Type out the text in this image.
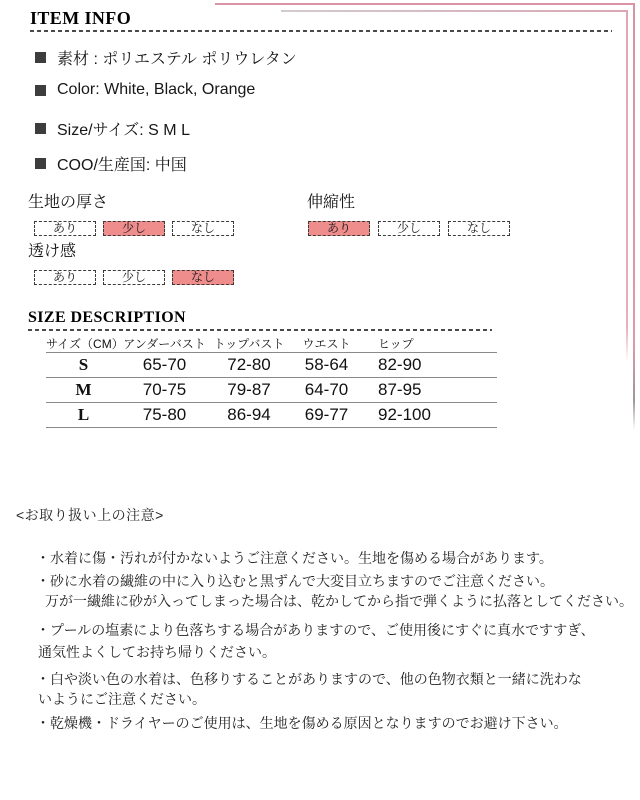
ITEM INFO
素材 : ポリエステル ポリウレタン
Color: White, Black, Orange
Size/サイズ: S M L
COO/生産国: 中国
生地の厚さ
あり	少し	なし
伸縮性
あり	少し	なし
透け感
あり	少し	なし
SIZE DESCRIPTION
サイズ（CM）	アンダーバスト	トップバスト	ウエスト	ヒップ
S	65-70	72-80	58-64	82-90
M	70-75	79-87	64-70	87-95
L	75-80	86-94	69-77	92-100
<お取り扱い上の注意>
・水着に傷・汚れが付かないようご注意ください。生地を傷める場合があります。
・砂に水着の繊維の中に入り込むと黒ずんで大変目立ちますのでご注意ください。
万が一繊維に砂が入ってしまった場合は、乾かしてから指で弾くように払落としてください。
・プールの塩素により色落ちする場合がありますので、ご使用後にすぐに真水ですすぎ、
通気性よくしてお持ち帰りください。
・白や淡い色の水着は、色移りすることがありますので、他の色物衣類と一緒に洗わな
いようにご注意ください。
・乾燥機・ドライヤーのご使用は、生地を傷める原因となりますのでお避け下さい。
